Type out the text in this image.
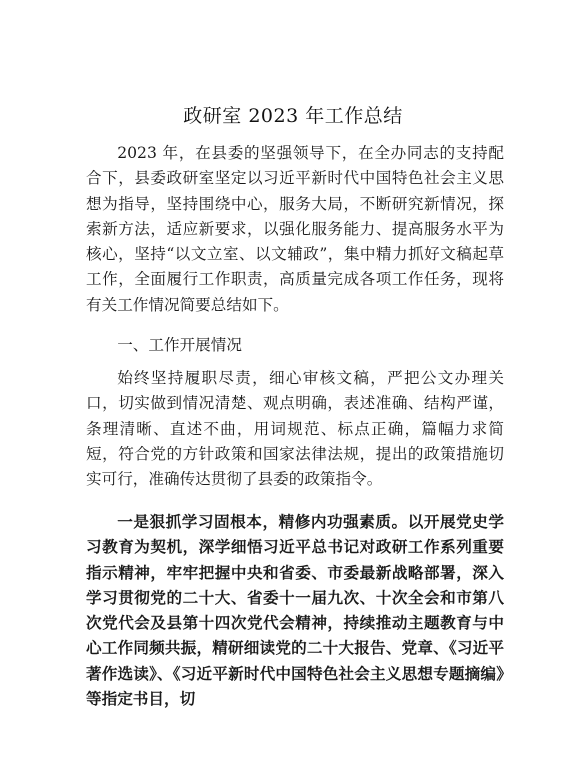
政研室 2023 年工作总结

2023 年，在县委的坚强领导下，在全办同志的支持配合下，县委政研室坚定以习近平新时代中国特色社会主义思想为指导，坚持围绕中心，服务大局，不断研究新情况，探索新方法，适应新要求，以强化服务能力、提高服务水平为核心，坚持“以文立室、以文辅政”，集中精力抓好文稿起草工作，全面履行工作职责，高质量完成各项工作任务，现将有关工作情况简要总结如下。

一、工作开展情况

始终坚持履职尽责，细心审核文稿，严把公文办理关口，切实做到情况清楚、观点明确，表述准确、结构严谨，条理清晰、直述不曲，用词规范、标点正确，篇幅力求简短，符合党的方针政策和国家法律法规，提出的政策措施切实可行，准确传达贯彻了县委的政策指令。

一是狠抓学习固根本，精修内功强素质。以开展党史学习教育为契机，深学细悟习近平总书记对政研工作系列重要指示精神，牢牢把握中央和省委、市委最新战略部署，深入学习贯彻党的二十大、省委十一届九次、十次全会和市第八次党代会及县第十四次党代会精神，持续推动主题教育与中心工作同频共振，精研细读党的二十大报告、党章、《习近平著作选读》、《习近平新时代中国特色社会主义思想专题摘编》等指定书目，切
